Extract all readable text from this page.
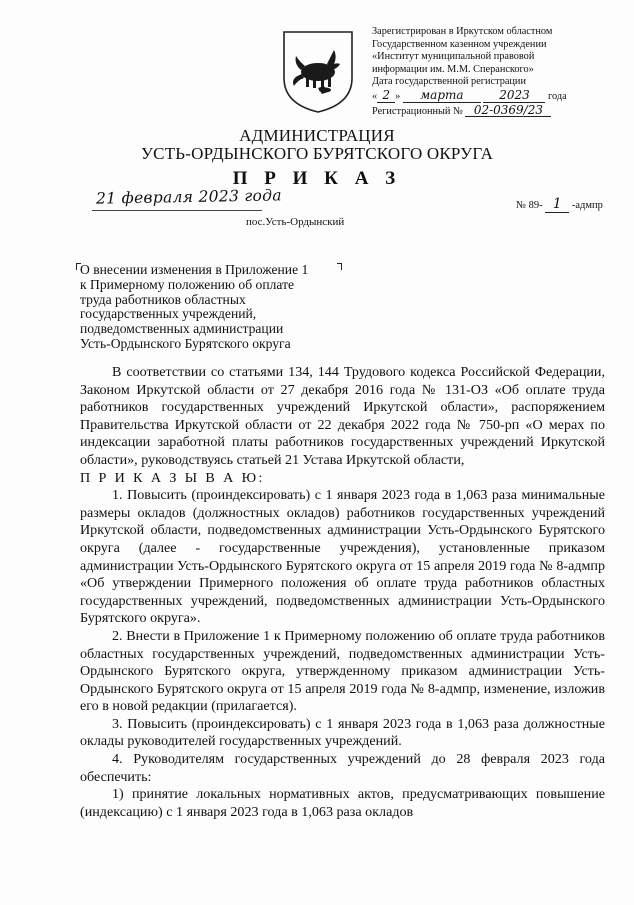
Зарегистрирован в Иркутском областном
Государственном казенном учреждении
«Институт муниципальной правовой
информации им. М.М. Сперанского»
Дата государственной регистрации
« 2 » марта	2023 года
Регистрационный № 02-0369/23
АДМИНИСТРАЦИЯ
УСТЬ-ОРДЫНСКОГО БУРЯТСКОГО ОКРУГА
П Р И К А З
21 февраля 2023 года	№ 89- 1 -адмпр
пос.Усть-Ордынский
О внесении изменения в Приложение 1
к Примерному положению об оплате
труда работников областных
государственных учреждений,
подведомственных администрации
Усть-Ордынского Бурятского округа

В соответствии со статьями 134, 144 Трудового кодекса Российской Федерации, Законом Иркутской области от 27 декабря 2016 года № 131-ОЗ «Об оплате труда работников государственных учреждений Иркутской области», распоряжением Правительства Иркутской области от 22 декабря 2022 года № 750-рп «О мерах по индексации заработной платы работников государственных учреждений Иркутской области», руководствуясь статьей 21 Устава Иркутской области,

П Р И К А З Ы В А Ю:

1. Повысить (проиндексировать) с 1 января 2023 года в 1,063 раза минимальные размеры окладов (должностных окладов) работников государственных учреждений Иркутской области, подведомственных администрации Усть-Ордынского Бурятского округа (далее - государственные учреждения), установленные приказом администрации Усть-Ордынского Бурятского округа от 15 апреля 2019 года № 8-адмпр «Об утверждении Примерного положения об оплате труда работников областных государственных учреждений, подведомственных администрации Усть-Ордынского Бурятского округа».

2. Внести в Приложение 1 к Примерному положению об оплате труда работников областных государственных учреждений, подведомственных администрации Усть-Ордынского Бурятского округа, утвержденному приказом администрации Усть-Ордынского Бурятского округа от 15 апреля 2019 года № 8-адмпр, изменение, изложив его в новой редакции (прилагается).

3. Повысить (проиндексировать) с 1 января 2023 года в 1,063 раза должностные оклады руководителей государственных учреждений.

4. Руководителям государственных учреждений до 28 февраля 2023 года обеспечить:

1) принятие локальных нормативных актов, предусматривающих повышение (индексацию) с 1 января 2023 года в 1,063 раза окладов
